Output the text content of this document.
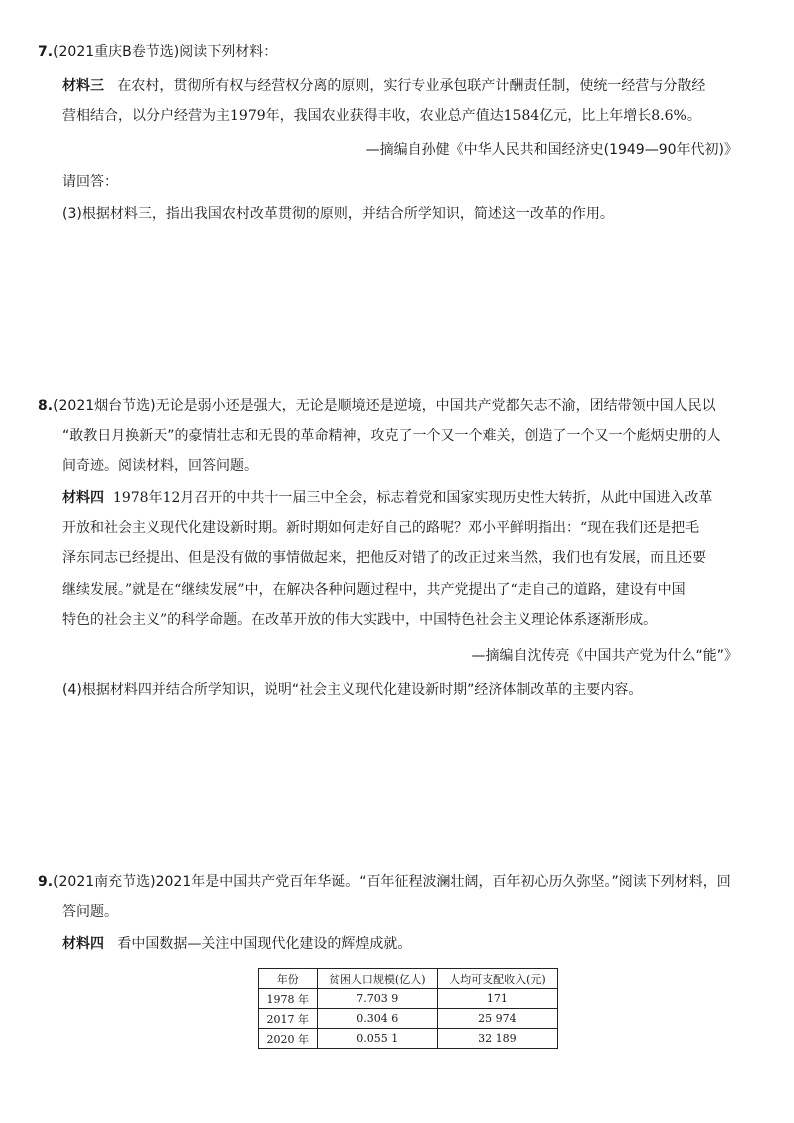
7.(2021重庆B卷节选)阅读下列材料：
材料三 在农村，贯彻所有权与经营权分离的原则，实行专业承包联产计酬责任制，使统一经营与分散经
营相结合，以分户经营为主1979年，我国农业获得丰收，农业总产值达1584亿元，比上年增长8.6%。
—摘编自孙健《中华人民共和国经济史(1949—90年代初)》
请回答：
(3)根据材料三，指出我国农村改革贯彻的原则，并结合所学知识，简述这一改革的作用。
8.(2021烟台节选)无论是弱小还是强大，无论是顺境还是逆境，中国共产党都矢志不渝，团结带领中国人民以
“敢教日月换新天”的豪情壮志和无畏的革命精神，攻克了一个又一个难关，创造了一个又一个彪炳史册的人
间奇迹。阅读材料，回答问题。
材料四 1978年12月召开的中共十一届三中全会，标志着党和国家实现历史性大转折，从此中国进入改革
开放和社会主义现代化建设新时期。新时期如何走好自己的路呢？邓小平鲜明指出：“现在我们还是把毛
泽东同志已经提出、但是没有做的事情做起来，把他反对错了的改正过来当然，我们也有发展，而且还要
继续发展。”就是在“继续发展”中，在解决各种问题过程中，共产党提出了“走自己的道路，建设有中国
特色的社会主义”的科学命题。在改革开放的伟大实践中，中国特色社会主义理论体系逐渐形成。
—摘编自沈传亮《中国共产党为什么“能”》
(4)根据材料四并结合所学知识，说明“社会主义现代化建设新时期”经济体制改革的主要内容。
9.(2021南充节选)2021年是中国共产党百年华诞。“百年征程波澜壮阔，百年初心历久弥坚。”阅读下列材料，回
答问题。
材料四 看中国数据—关注中国现代化建设的辉煌成就。
年份	贫困人口规模(亿人)	人均可支配收入(元)
1978 年	7.703 9	171
2017 年	0.304 6	25 974
2020 年	0.055 1	32 189
